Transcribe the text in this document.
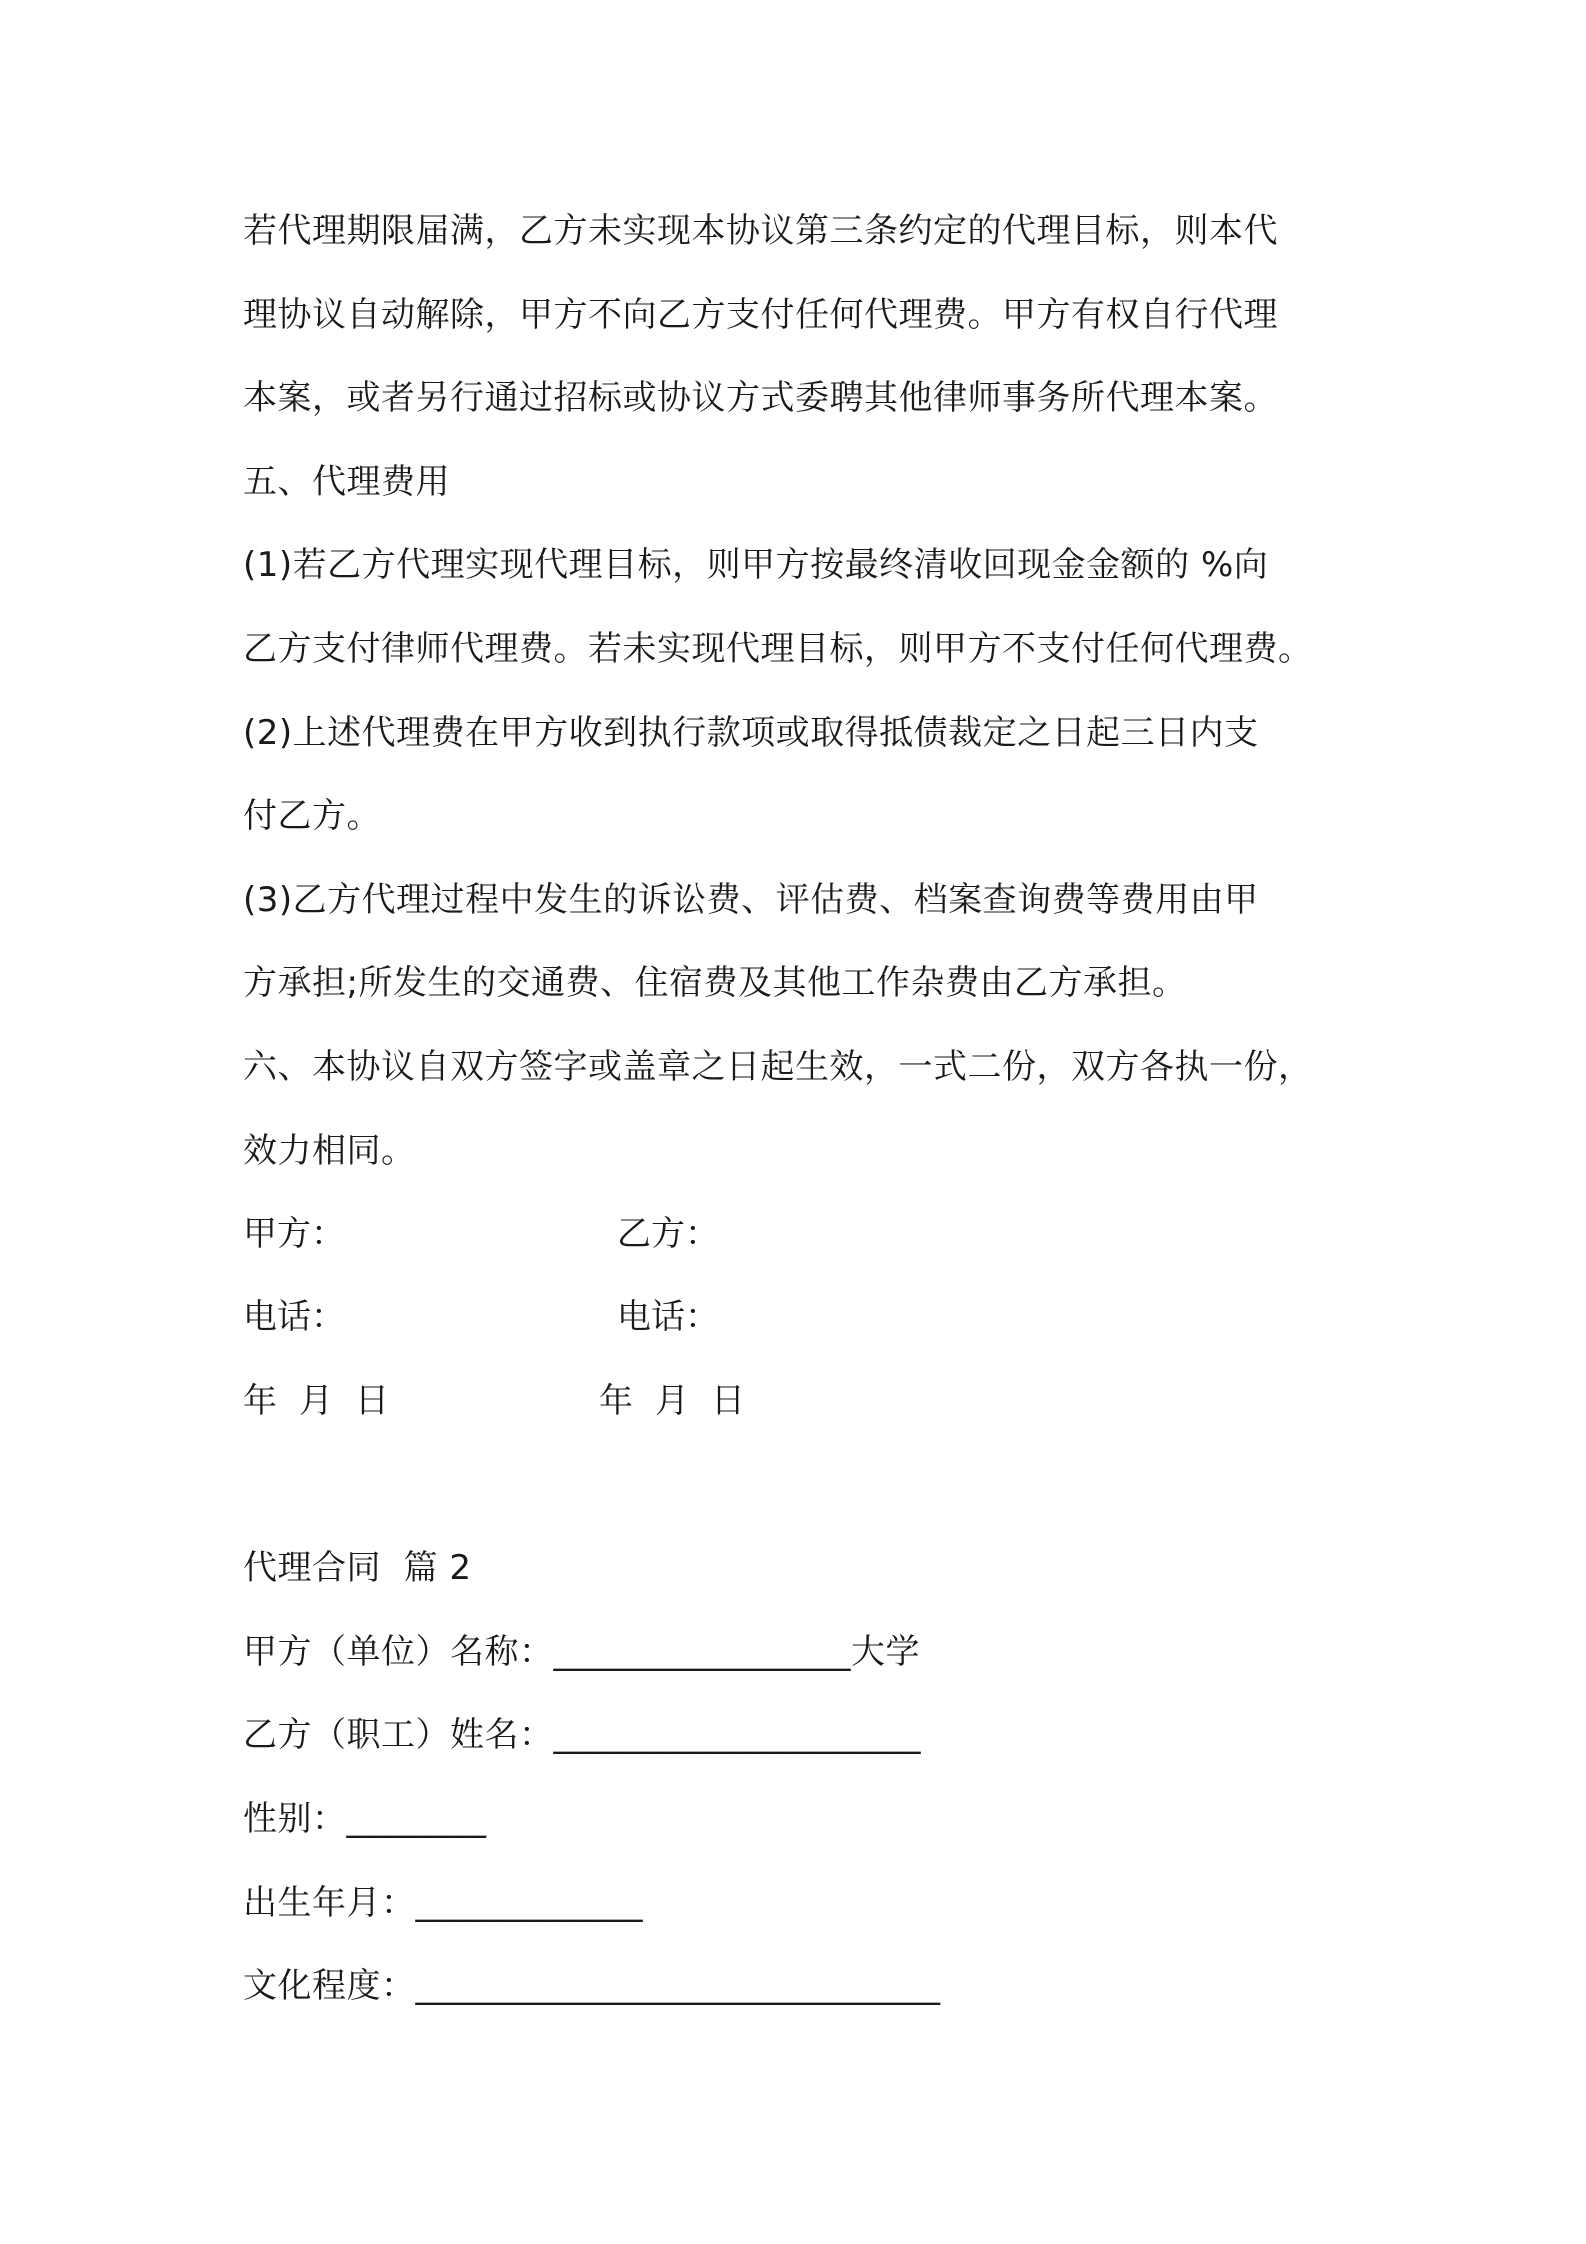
若代理期限届满，乙方未实现本协议第三条约定的代理目标，则本代
理协议自动解除，甲方不向乙方支付任何代理费。甲方有权自行代理
本案，或者另行通过招标或协议方式委聘其他律师事务所代理本案。
五、代理费用
(1)若乙方代理实现代理目标，则甲方按最终清收回现金金额的 %向
乙方支付律师代理费。若未实现代理目标，则甲方不支付任何代理费。
(2)上述代理费在甲方收到执行款项或取得抵债裁定之日起三日内支
付乙方。
(3)乙方代理过程中发生的诉讼费、评估费、档案查询费等费用由甲
方承担;所发生的交通费、住宿费及其他工作杂费由乙方承担。
六、本协议自双方签字或盖章之日起生效，一式二份，双方各执一份，
效力相同。
甲方：	乙方：
电话：	电话：
年 月 日	年 月 日
代理合同  篇 2
甲方（单位）名称：_________________大学
乙方（职工）姓名：_____________________
性别：________
出生年月：_____________
文化程度：______________________________
